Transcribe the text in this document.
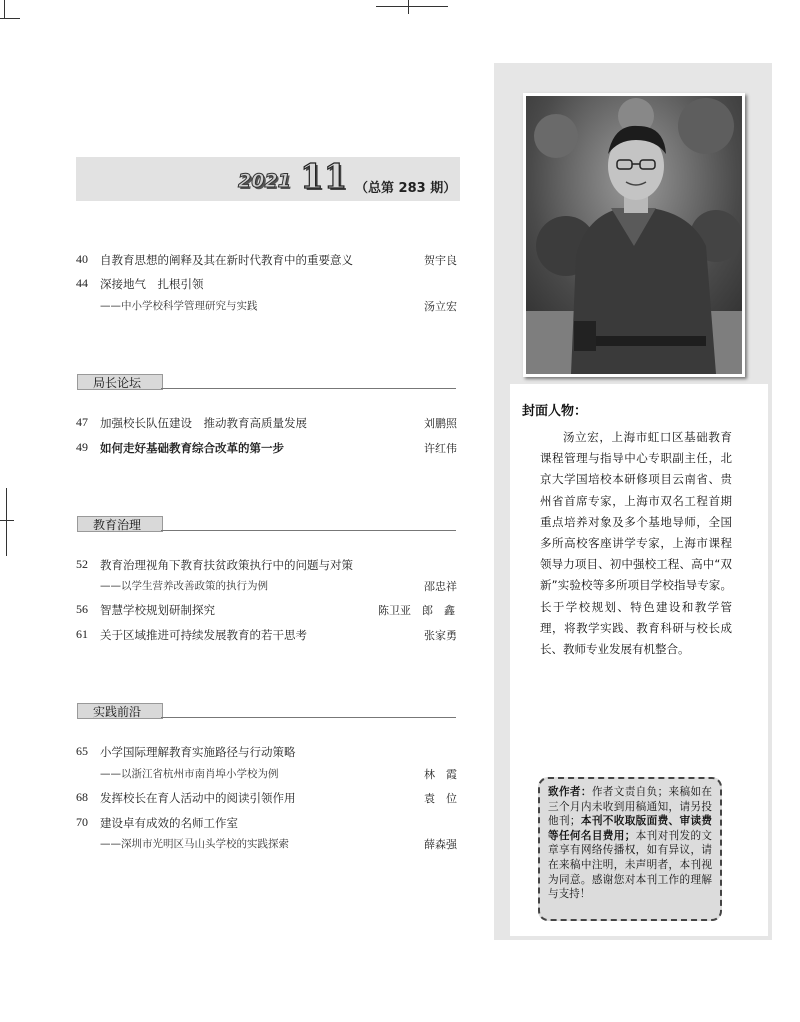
2021 11 （总第 283 期）
40 自教育思想的阐释及其在新时代教育中的重要意义	贺宇良
44 深接地气　扎根引领
——中小学校科学管理研究与实践	汤立宏
局长论坛
47 加强校长队伍建设　推动教育高质量发展	刘鹏照
49 如何走好基础教育综合改革的第一步	许红伟
教育治理
52 教育治理视角下教育扶贫政策执行中的问题与对策
——以学生营养改善政策的执行为例	邵忠祥
56 智慧学校规划研制探究	陈卫亚　郎　鑫
61 关于区域推进可持续发展教育的若干思考	张家勇
实践前沿
65 小学国际理解教育实施路径与行动策略
——以浙江省杭州市南肖埠小学校为例	林　霞
68 发挥校长在育人活动中的阅读引领作用	袁　位
70 建设卓有成效的名师工作室
——深圳市光明区马山头学校的实践探索	薛森强
封面人物：
汤立宏，上海市虹口区基础教育课程管理与指导中心专职副主任，北京大学国培校本研修项目云南省、贵州省首席专家，上海市双名工程首期重点培养对象及多个基地导师，全国多所高校客座讲学专家，上海市课程领导力项目、初中强校工程、高中“双新”实验校等多所项目学校指导专家。长于学校规划、特色建设和教学管理，将教学实践、教育科研与校长成长、教师专业发展有机整合。
致作者：作者文责自负；来稿如在三个月内未收到用稿通知，请另投他刊；本刊不收取版面费、审读费等任何名目费用；本刊对刊发的文章享有网络传播权，如有异议，请在来稿中注明，未声明者，本刊视为同意。感谢您对本刊工作的理解与支持！
